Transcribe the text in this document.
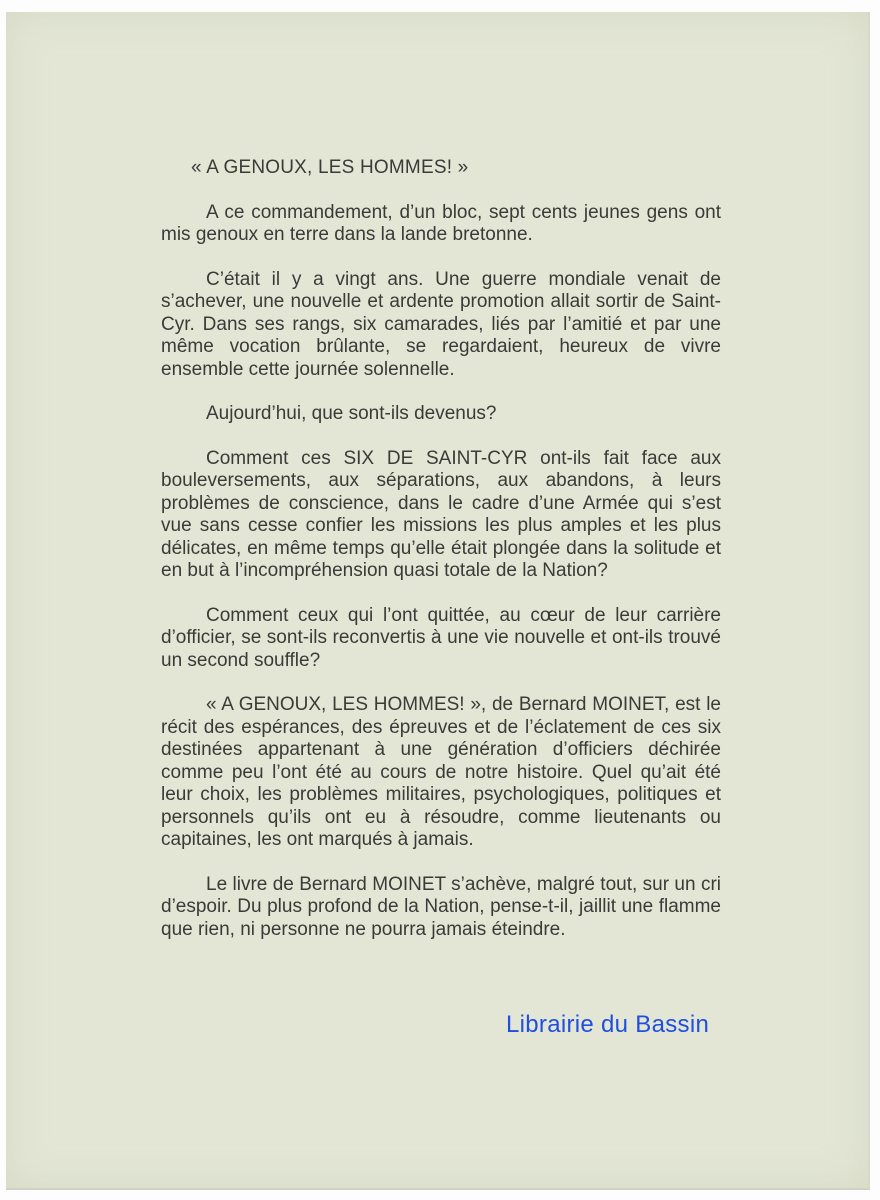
« A GENOUX, LES HOMMES! »

A ce commandement, d’un bloc, sept cents jeunes gens ont mis genoux en terre dans la lande bretonne.

C’était il y a vingt ans. Une guerre mondiale venait de s’achever, une nouvelle et ardente promotion allait sortir de Saint-Cyr. Dans ses rangs, six camarades, liés par l’amitié et par une même vocation brûlante, se regardaient, heureux de vivre ensemble cette journée solennelle.

Aujourd’hui, que sont-ils devenus?

Comment ces SIX DE SAINT-CYR ont-ils fait face aux bouleversements, aux séparations, aux abandons, à leurs problèmes de conscience, dans le cadre d’une Armée qui s’est vue sans cesse confier les missions les plus amples et les plus délicates, en même temps qu’elle était plongée dans la solitude et en but à l’incompréhension quasi totale de la Nation?

Comment ceux qui l’ont quittée, au cœur de leur carrière d’officier, se sont-ils reconvertis à une vie nouvelle et ont-ils trouvé un second souffle?

« A GENOUX, LES HOMMES! », de Bernard MOINET, est le récit des espérances, des épreuves et de l’éclatement de ces six destinées appartenant à une génération d’officiers déchirée comme peu l’ont été au cours de notre histoire. Quel qu’ait été leur choix, les problèmes militaires, psychologiques, politiques et personnels qu’ils ont eu à résoudre, comme lieutenants ou capitaines, les ont marqués à jamais.

Le livre de Bernard MOINET s’achève, malgré tout, sur un cri d’espoir. Du plus profond de la Nation, pense-t-il, jaillit une flamme que rien, ni personne ne pourra jamais éteindre.

Librairie du Bassin
